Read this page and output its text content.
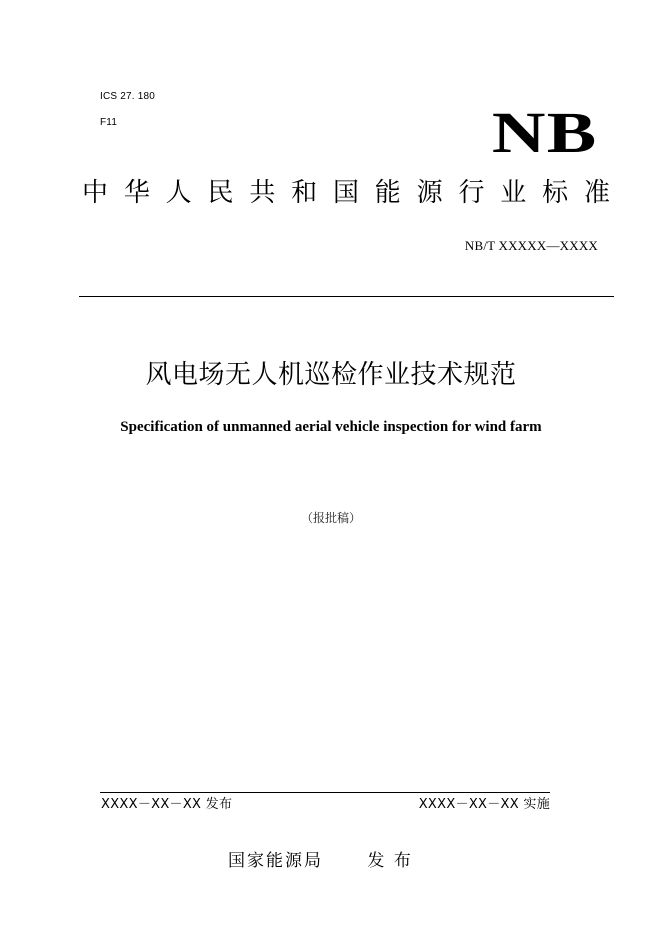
ICS 27. 180
F11	NB
中 华 人 民 共 和 国 能 源 行 业 标 准
NB/T XXXXX—XXXX
风电场无人机巡检作业技术规范
Specification of unmanned aerial vehicle inspection for wind farm
（报批稿）
XXXX－XX－XX 发布	XXXX－XX－XX 实施
国家能源局      发 布
